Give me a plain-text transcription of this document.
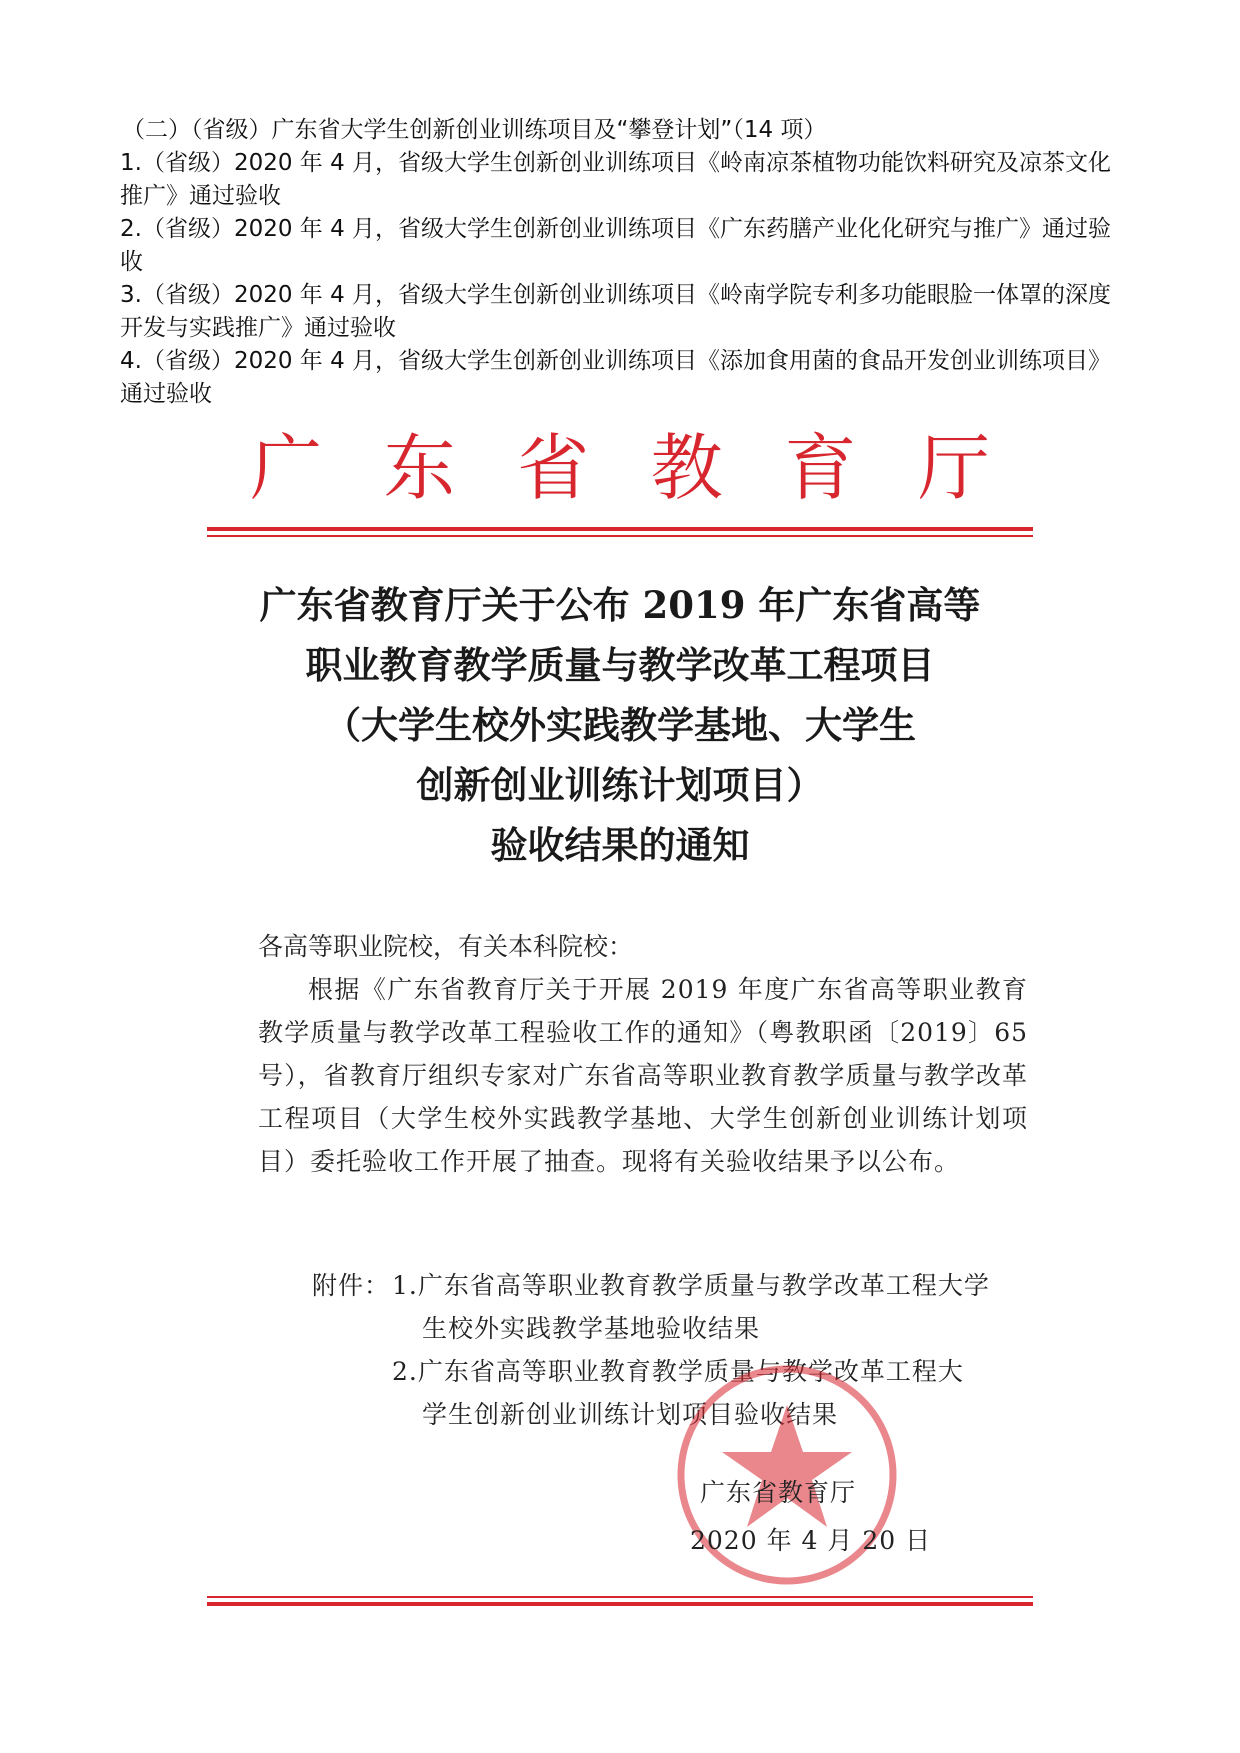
（二）（省级）广东省大学生创新创业训练项目及“攀登计划”（14 项）

1.（省级）2020 年 4 月，省级大学生创新创业训练项目《岭南凉茶植物功能饮料研究及凉茶文化推广》通过验收

2.（省级）2020 年 4 月，省级大学生创新创业训练项目《广东药膳产业化化研究与推广》通过验收

3.（省级）2020 年 4 月，省级大学生创新创业训练项目《岭南学院专利多功能眼脸一体罩的深度开发与实践推广》通过验收

4.（省级）2020 年 4 月，省级大学生创新创业训练项目《添加食用菌的食品开发创业训练项目》通过验收

广 东 省 教 育 厅
广东省教育厅关于公布 2019 年广东省高等
职业教育教学质量与教学改革工程项目
（大学生校外实践教学基地、大学生
创新创业训练计划项目）
验收结果的通知

各高等职业院校，有关本科院校：

根据《广东省教育厅关于开展 2019 年度广东省高等职业教育教学质量与教学改革工程验收工作的通知》（粤教职函〔2019〕65 号），省教育厅组织专家对广东省高等职业教育教学质量与教学改革工程项目（大学生校外实践教学基地、大学生创新创业训练计划项目）委托验收工作开展了抽查。现将有关验收结果予以公布。

附件： 1.广东省高等职业教育教学质量与教学改革工程大学
生校外实践教学基地验收结果
2.广东省高等职业教育教学质量与教学改革工程大
学生创新创业训练计划项目验收结果
广东省教育厅
2020 年 4 月 20 日
